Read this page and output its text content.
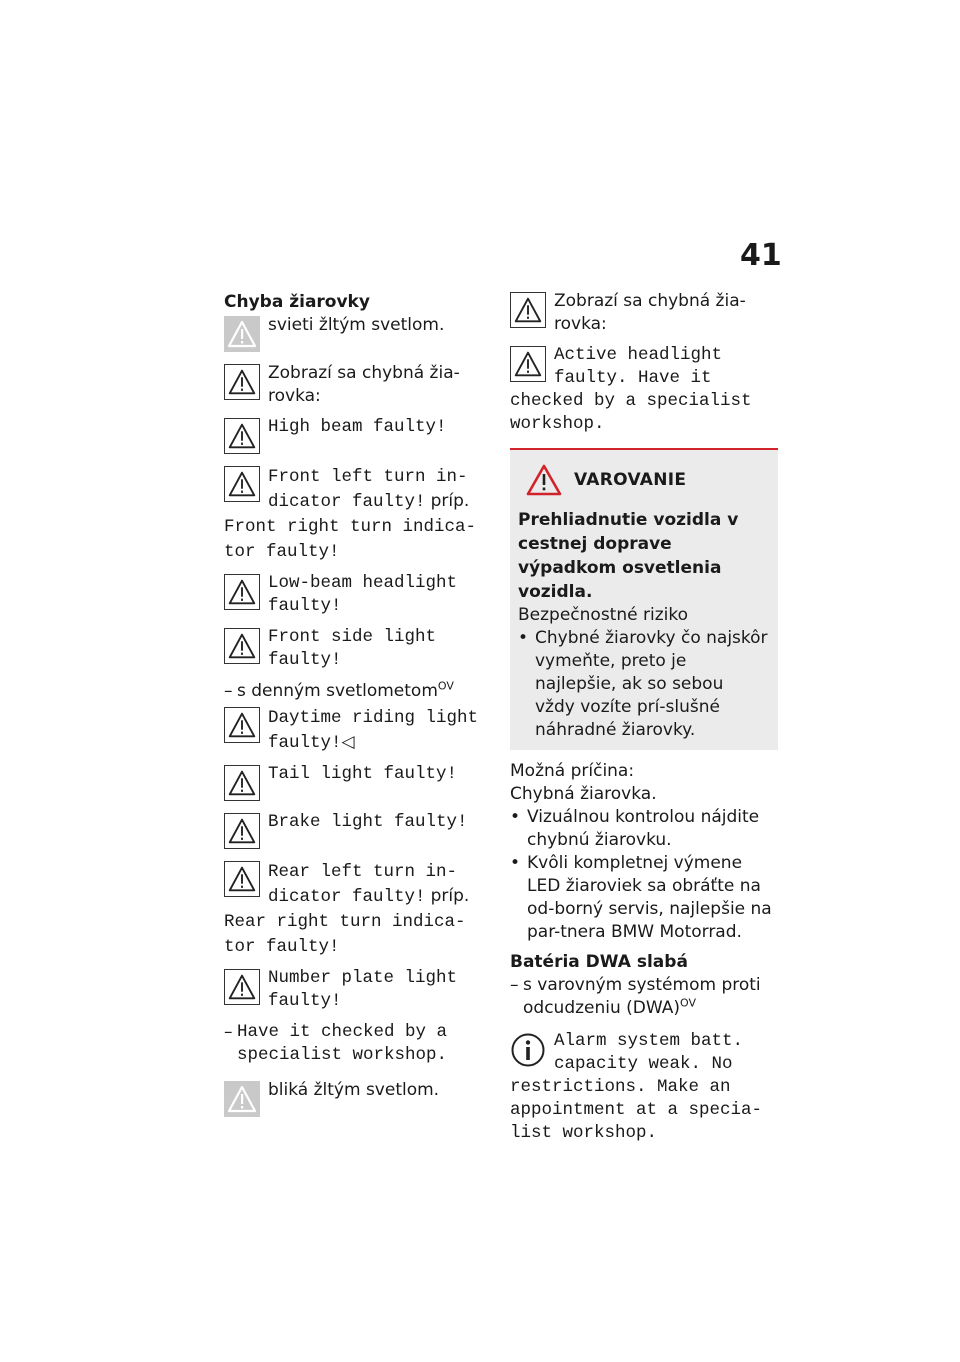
41
Chyba žiarovky
svieti žltým svetlom.
Zobrazí sa chybná žia-rovka:
High beam faulty!
Front left turn in-dicator faulty! príp. Front right turn indica-tor faulty!
Low-beam headlight faulty!
Front side light faulty!
– s denným svetlometom$^{OV}$
Daytime riding light faulty!◁
Tail light faulty!
Brake light faulty!
Rear left turn in-dicator faulty! príp. Rear right turn indica-tor faulty!
Number plate light faulty!
– Have it checked by a specialist workshop.
bliká žltým svetlom.
Zobrazí sa chybná žia-rovka:
Active headlight faulty. Have it checked by a specialist workshop.
VAROVANIE
Prehliadnutie vozidla v cestnej doprave výpadkom osvetlenia vozidla.
Bezpečnostné riziko
• Chybné žiarovky čo najskôr vymeňte, preto je najlepšie, ak so sebou vždy vozíte prí-slušné náhradné žiarovky.
Možná príčina:
Chybná žiarovka.
• Vizuálnou kontrolou nájdite chybnú žiarovku.
• Kvôli kompletnej výmene LED žiaroviek sa obráťte na od-borný servis, najlepšie na par-tnera BMW Motorrad.
Batéria DWA slabá
– s varovným systémom proti odcudzeniu (DWA)$^{OV}$
Alarm system batt. capacity weak. No restrictions. Make an appointment at a specia-list workshop.
